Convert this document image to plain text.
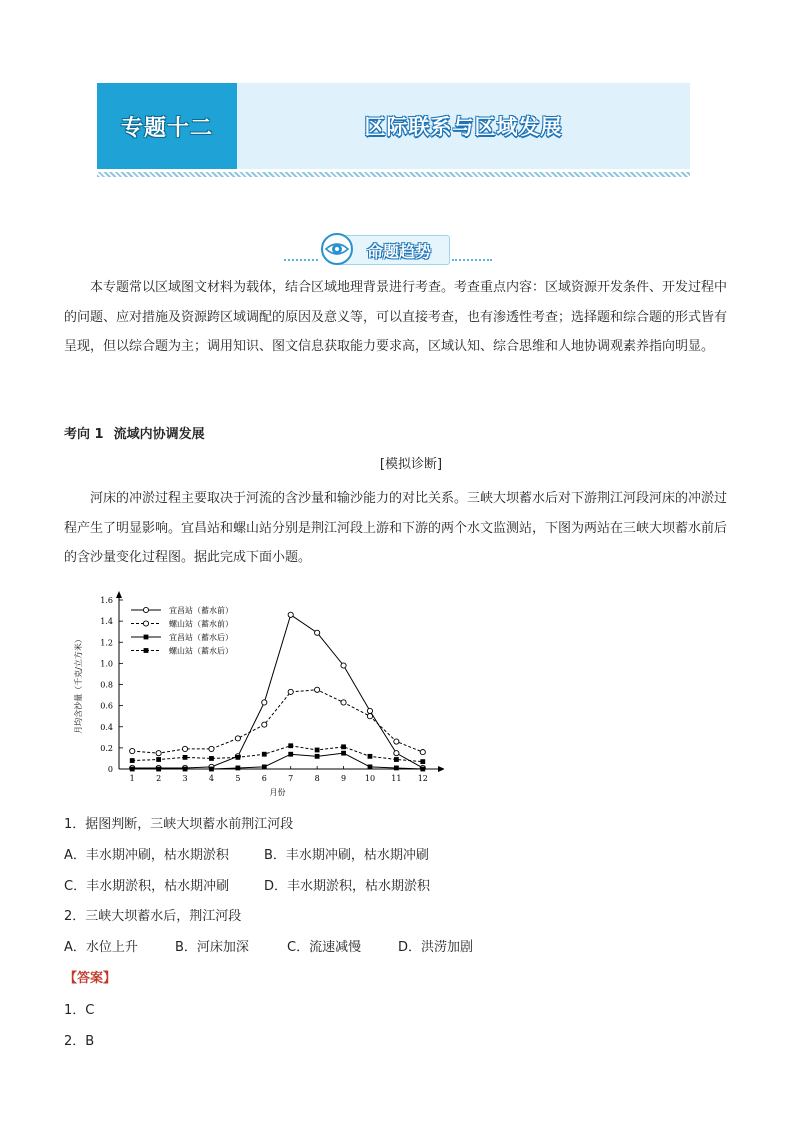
专题十二	区际联系与区域发展
命题趋势

本专题常以区域图文材料为载体，结合区域地理背景进行考查。考查重点内容：区域资源开发条件、开发过程中的问题、应对措施及资源跨区域调配的原因及意义等，可以直接考查，也有渗透性考查；选择题和综合题的形式皆有呈现，但以综合题为主；调用知识、图文信息获取能力要求高，区域认知、综合思维和人地协调观素养指向明显。

考向 1 流域内协调发展
[模拟诊断]

河床的冲淤过程主要取决于河流的含沙量和输沙能力的对比关系。三峡大坝蓄水后对下游荆江河段河床的冲淤过程产生了明显影响。宜昌站和螺山站分别是荆江河段上游和下游的两个水文监测站，下图为两站在三峡大坝蓄水前后的含沙量变化过程图。据此完成下面小题。

0
0.2
0.4
0.6
0.8
1.0
1.2
1.4
1.6
1	2	3	4	5	6	7	8	9 10 11 12
月份
月均含沙量（千克/立方米）
宜昌站（蓄水前）
螺山站（蓄水前）
宜昌站（蓄水后）
螺山站（蓄水后）
1．据图判断，三峡大坝蓄水前荆江河段
A．丰水期冲刷，枯水期淤积	B．丰水期冲刷，枯水期冲刷
C．丰水期淤积，枯水期冲刷	D．丰水期淤积，枯水期淤积
2．三峡大坝蓄水后，荆江河段
A．水位上升	B．河床加深	C．流速减慢	D．洪涝加剧
【答案】
1．C
2．B
